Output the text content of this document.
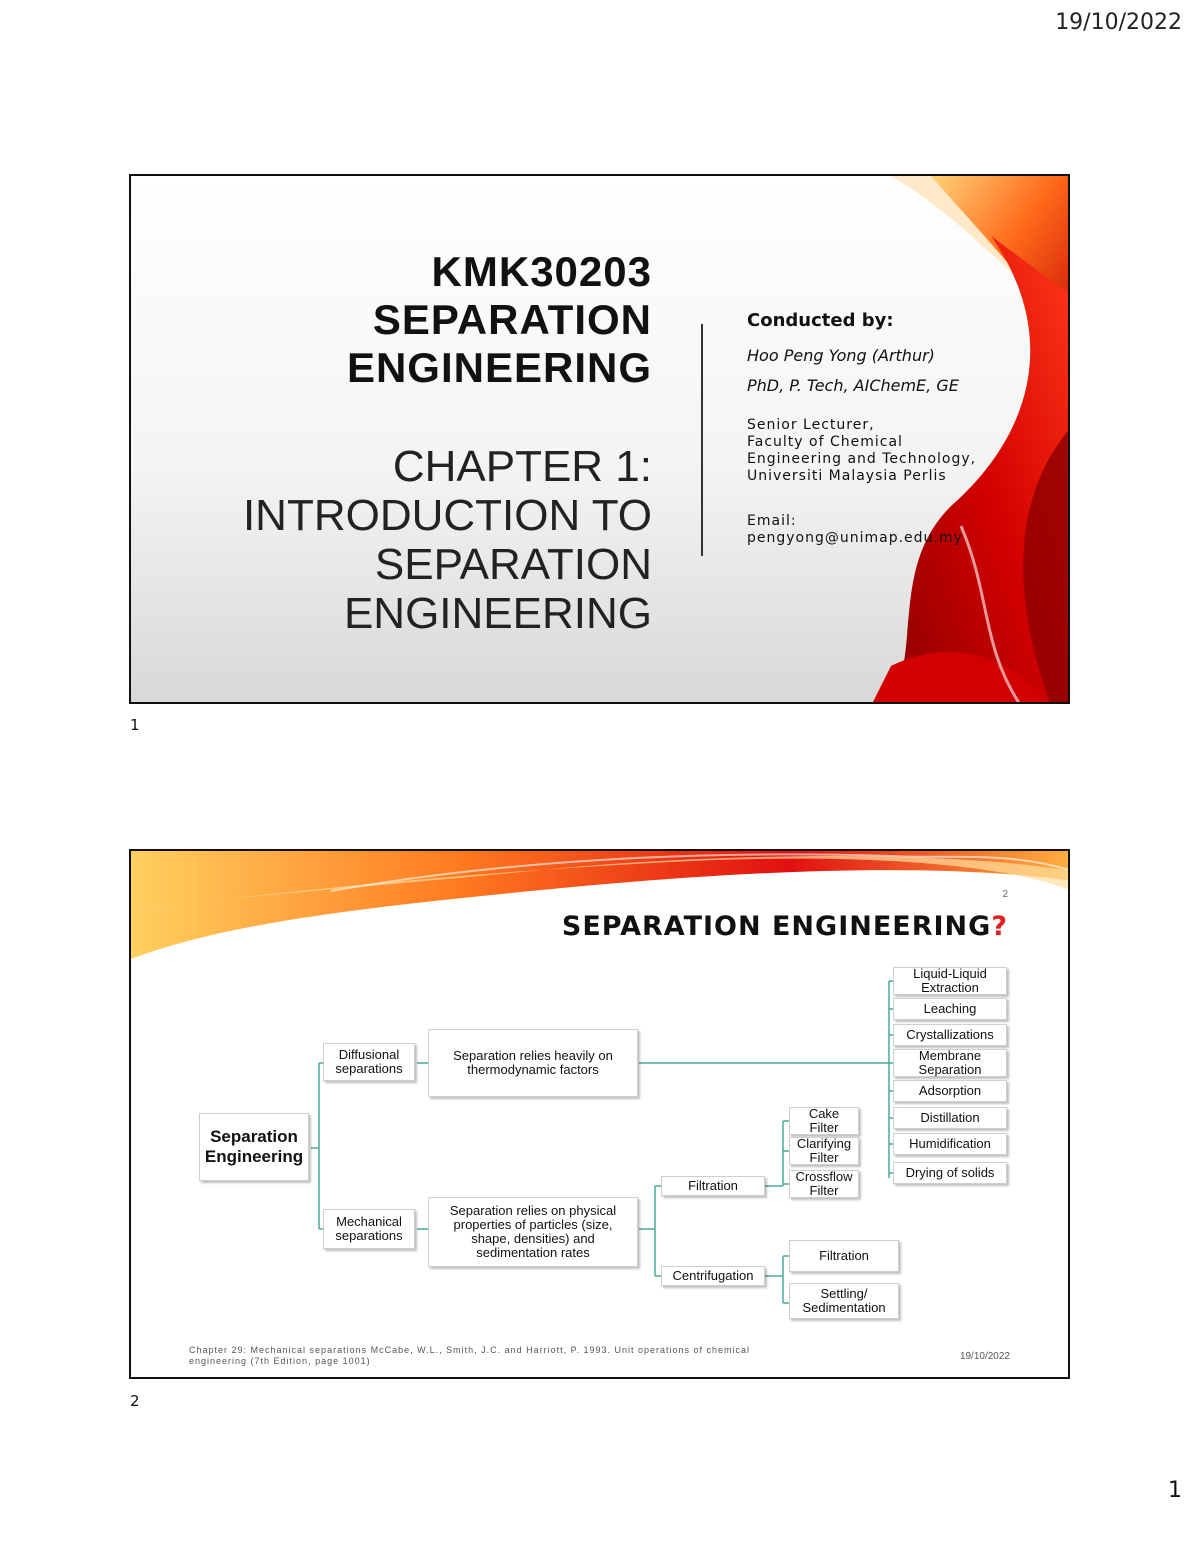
19/10/2022
KMK30203
SEPARATION
ENGINEERING
CHAPTER 1:
INTRODUCTION TO
SEPARATION
ENGINEERING
Conducted by:
Hoo Peng Yong (Arthur)
PhD, P. Tech, AIChemE, GE
Senior Lecturer,
Faculty of Chemical
Engineering and Technology,
Universiti Malaysia Perlis
Email:
pengyong@unimap.edu.my
1
2
SEPARATION ENGINEERING?
Separation
Engineering
Diffusional
separations
Separation relies heavily on
thermodynamic factors
Mechanical
separations
Separation relies on physical
properties of particles (size,
shape, densities) and
sedimentation rates
Filtration
Centrifugation
Cake
Filter
Clarifying
Filter
Crossflow
Filter
Filtration
Settling/
Sedimentation
Liquid-Liquid
Extraction
Leaching
Crystallizations
Membrane
Separation
Adsorption
Distillation
Humidification
Drying of solids
Chapter 29: Mechanical separations McCabe, W.L., Smith, J.C. and Harriott, P. 1993. Unit operations of chemical
engineering (7th Edition, page 1001)	19/10/2022
2
1
